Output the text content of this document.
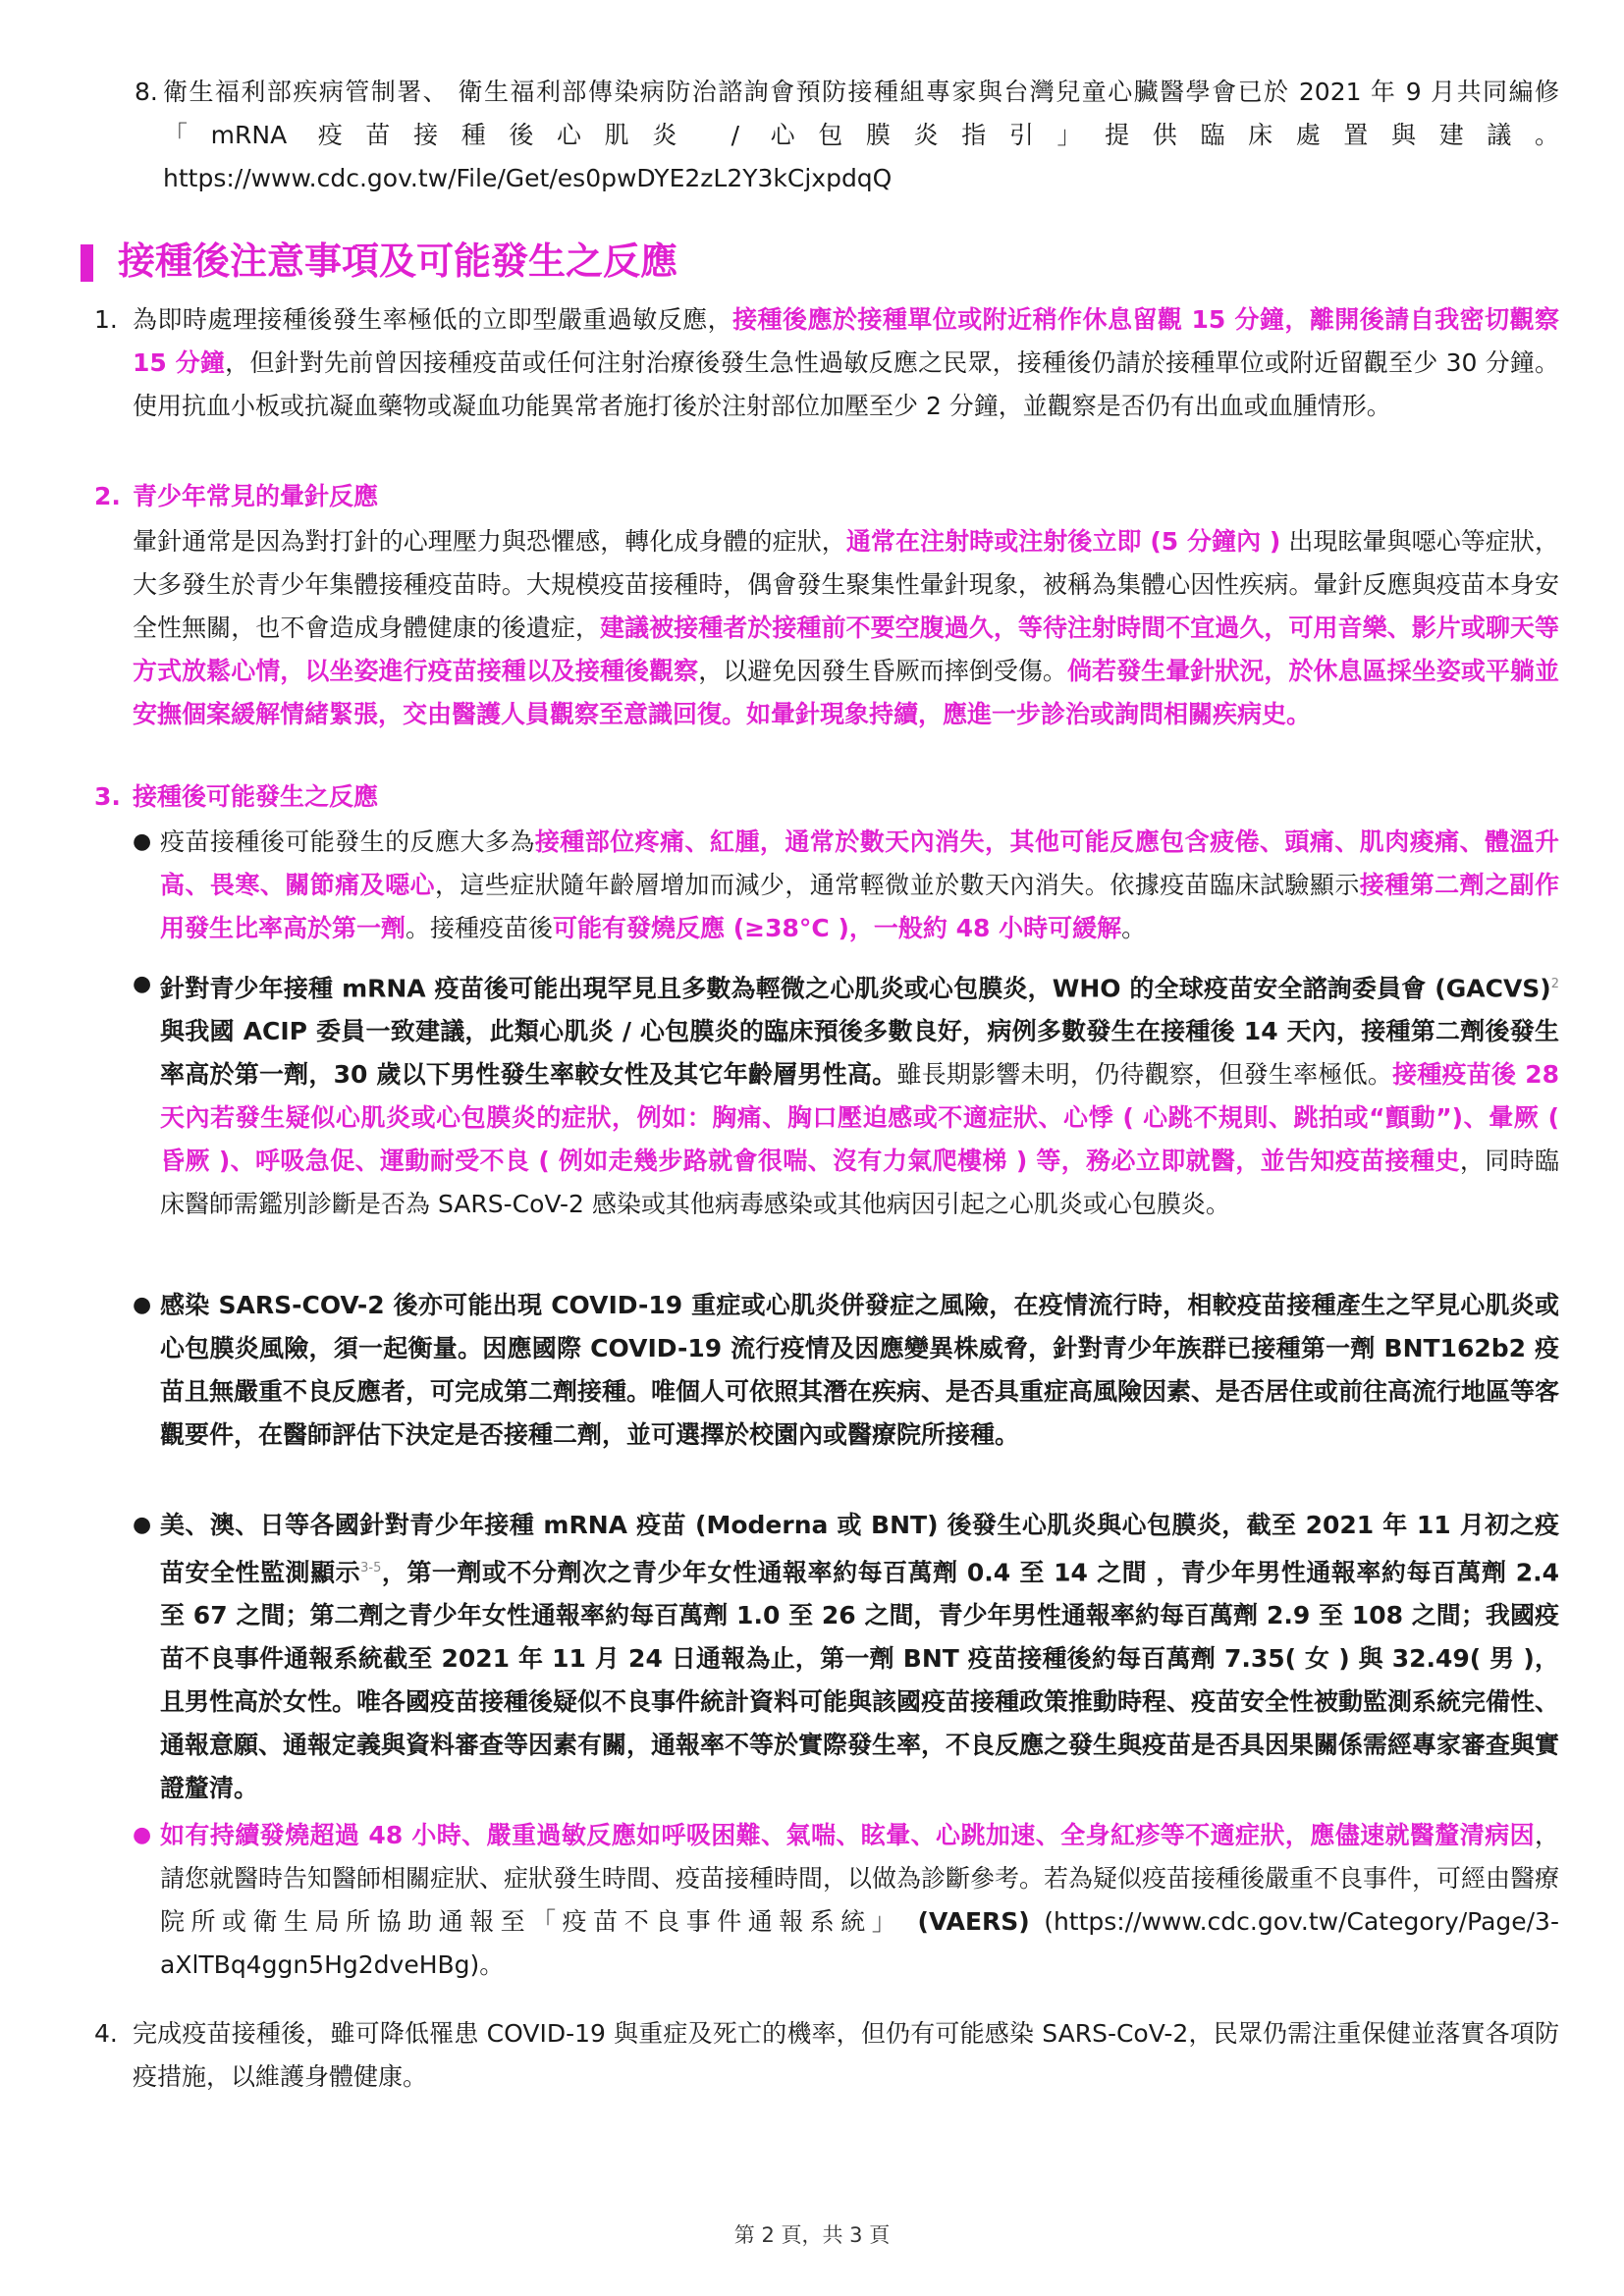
8. 衛生福利部疾病管制署、 衛生福利部傳染病防治諮詢會預防接種組專家與台灣兒童心臟醫學會已於 2021 年 9 月共同編修「mRNA 疫苗接種後心肌炎 / 心包膜炎指引」提供臨床處置與建議。https://www.cdc.gov.tw/File/Get/es0pwDYE2zL2Y3kCjxpdqQ

接種後注意事項及可能發生之反應
1. 為即時處理接種後發生率極低的立即型嚴重過敏反應，接種後應於接種單位或附近稍作休息留觀 15 分鐘，離開後請自我密切觀察 15 分鐘，但針對先前曾因接種疫苗或任何注射治療後發生急性過敏反應之民眾，接種後仍請於接種單位或附近留觀至少 30 分鐘。使用抗血小板或抗凝血藥物或凝血功能異常者施打後於注射部位加壓至少 2 分鐘，並觀察是否仍有出血或血腫情形。

2. 青少年常見的暈針反應

暈針通常是因為對打針的心理壓力與恐懼感，轉化成身體的症狀，通常在注射時或注射後立即 (5 分鐘內 ) 出現眩暈與噁心等症狀，大多發生於青少年集體接種疫苗時。大規模疫苗接種時，偶會發生聚集性暈針現象，被稱為集體心因性疾病。暈針反應與疫苗本身安全性無關，也不會造成身體健康的後遺症，建議被接種者於接種前不要空腹過久，等待注射時間不宜過久，可用音樂、影片或聊天等方式放鬆心情，以坐姿進行疫苗接種以及接種後觀察，以避免因發生昏厥而摔倒受傷。倘若發生暈針狀況，於休息區採坐姿或平躺並安撫個案緩解情緒緊張，交由醫護人員觀察至意識回復。如暈針現象持續，應進一步診治或詢問相關疾病史。

3. 接種後可能發生之反應
● 疫苗接種後可能發生的反應大多為接種部位疼痛、紅腫，通常於數天內消失，其他可能反應包含疲倦、頭痛、肌肉痠痛、體溫升高、畏寒、關節痛及噁心，這些症狀隨年齡層增加而減少，通常輕微並於數天內消失。依據疫苗臨床試驗顯示接種第二劑之副作用發生比率高於第一劑。接種疫苗後可能有發燒反應 (≥38°C )，一般約 48 小時可緩解。

● 針對青少年接種 mRNA 疫苗後可能出現罕見且多數為輕微之心肌炎或心包膜炎，WHO 的全球疫苗安全諮詢委員會 (GACVS)$^2$ 與我國 ACIP 委員一致建議，此類心肌炎 / 心包膜炎的臨床預後多數良好，病例多數發生在接種後 14 天內，接種第二劑後發生率高於第一劑，30 歲以下男性發生率較女性及其它年齡層男性高。雖長期影響未明，仍待觀察，但發生率極低。接種疫苗後 28 天內若發生疑似心肌炎或心包膜炎的症狀，例如：胸痛、胸口壓迫感或不適症狀、心悸 ( 心跳不規則、跳拍或“顫動”)、暈厥 ( 昏厥 )、呼吸急促、運動耐受不良 ( 例如走幾步路就會很喘、沒有力氣爬樓梯 ) 等，務必立即就醫，並告知疫苗接種史，同時臨床醫師需鑑別診斷是否為 SARS-CoV-2 感染或其他病毒感染或其他病因引起之心肌炎或心包膜炎。

● 感染 SARS-COV-2 後亦可能出現 COVID-19 重症或心肌炎併發症之風險，在疫情流行時，相較疫苗接種產生之罕見心肌炎或心包膜炎風險，須一起衡量。因應國際 COVID-19 流行疫情及因應變異株威脅，針對青少年族群已接種第一劑 BNT162b2 疫苗且無嚴重不良反應者，可完成第二劑接種。唯個人可依照其潛在疾病、是否具重症高風險因素、是否居住或前往高流行地區等客觀要件，在醫師評估下決定是否接種二劑，並可選擇於校園內或醫療院所接種。

● 美、澳、日等各國針對青少年接種 mRNA 疫苗 (Moderna 或 BNT) 後發生心肌炎與心包膜炎，截至 2021 年 11 月初之疫苗安全性監測顯示$^{3-5}$，第一劑或不分劑次之青少年女性通報率約每百萬劑 0.4 至 14 之間 ，青少年男性通報率約每百萬劑 2.4 至 67 之間；第二劑之青少年女性通報率約每百萬劑 1.0 至 26 之間，青少年男性通報率約每百萬劑 2.9 至 108 之間；我國疫苗不良事件通報系統截至 2021 年 11 月 24 日通報為止，第一劑 BNT 疫苗接種後約每百萬劑 7.35( 女 ) 與 32.49( 男 )，且男性高於女性。唯各國疫苗接種後疑似不良事件統計資料可能與該國疫苗接種政策推動時程、疫苗安全性被動監測系統完備性、通報意願、通報定義與資料審查等因素有關，通報率不等於實際發生率，不良反應之發生與疫苗是否具因果關係需經專家審查與實證釐清。

● 如有持續發燒超過 48 小時、嚴重過敏反應如呼吸困難、氣喘、眩暈、心跳加速、全身紅疹等不適症狀，應儘速就醫釐清病因，請您就醫時告知醫師相關症狀、症狀發生時間、疫苗接種時間，以做為診斷參考。若為疑似疫苗接種後嚴重不良事件，可經由醫療院所或衛生局所協助通報至「疫苗不良事件通報系統」 (VAERS) (https://www.cdc.gov.tw/Category/Page/3-aXlTBq4ggn5Hg2dveHBg)。

4. 完成疫苗接種後，雖可降低罹患 COVID-19 與重症及死亡的機率，但仍有可能感染 SARS-CoV-2，民眾仍需注重保健並落實各項防疫措施，以維護身體健康。

第 2 頁，共 3 頁
